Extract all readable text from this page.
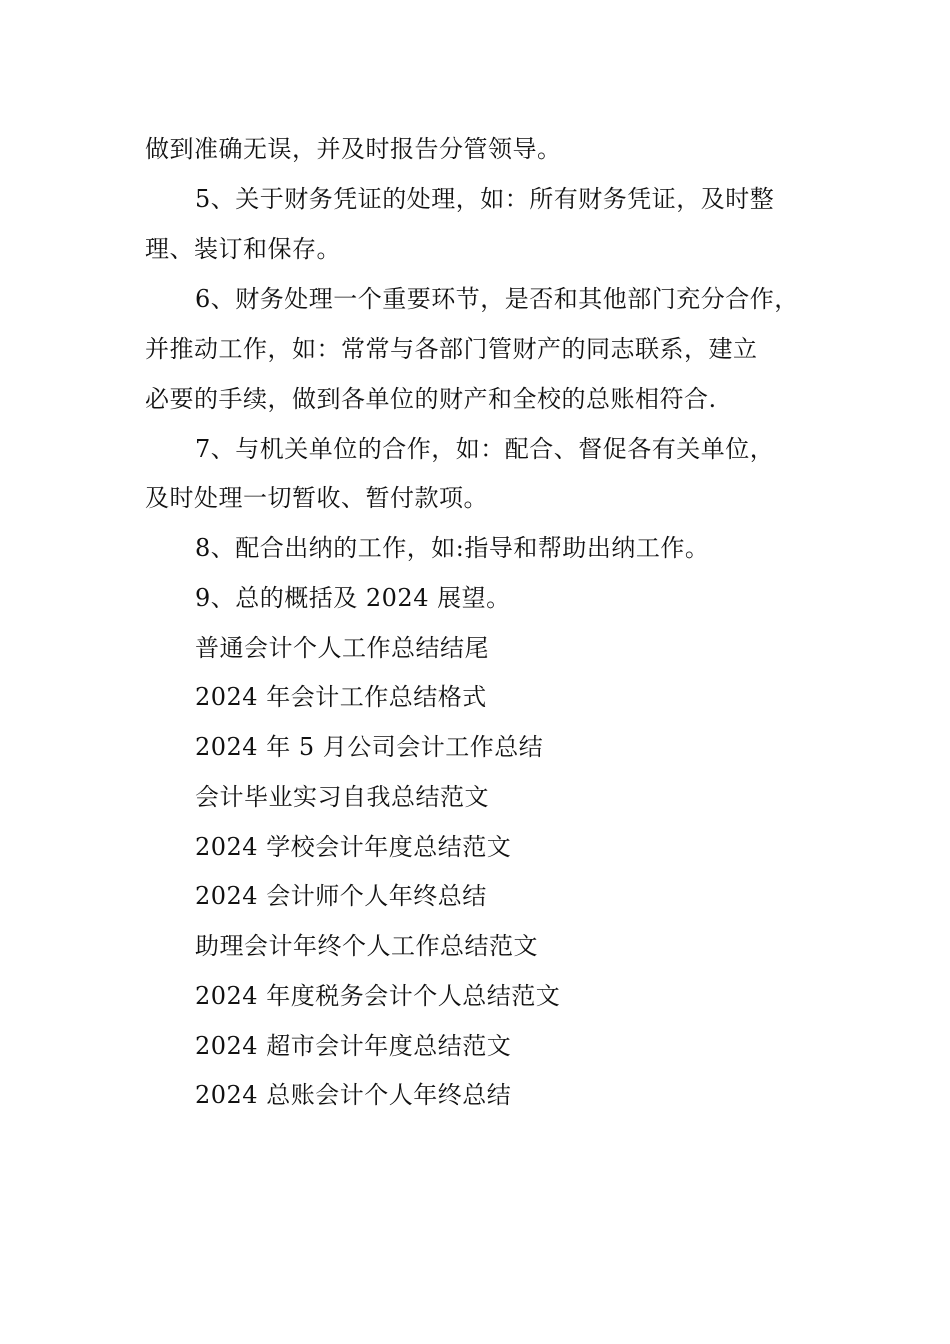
做到准确无误，并及时报告分管领导。
5、关于财务凭证的处理，如：所有财务凭证，及时整
理、装订和保存。
6、财务处理一个重要环节，是否和其他部门充分合作，
并推动工作，如：常常与各部门管财产的同志联系，建立
必要的手续，做到各单位的财产和全校的总账相符合.
7、与机关单位的合作，如：配合、督促各有关单位，
及时处理一切暂收、暂付款项。
8、配合出纳的工作，如:指导和帮助出纳工作。
9、总的概括及 2024 展望。
普通会计个人工作总结结尾
2024 年会计工作总结格式
2024 年 5 月公司会计工作总结
会计毕业实习自我总结范文
2024 学校会计年度总结范文
2024 会计师个人年终总结
助理会计年终个人工作总结范文
2024 年度税务会计个人总结范文
2024 超市会计年度总结范文
2024 总账会计个人年终总结
